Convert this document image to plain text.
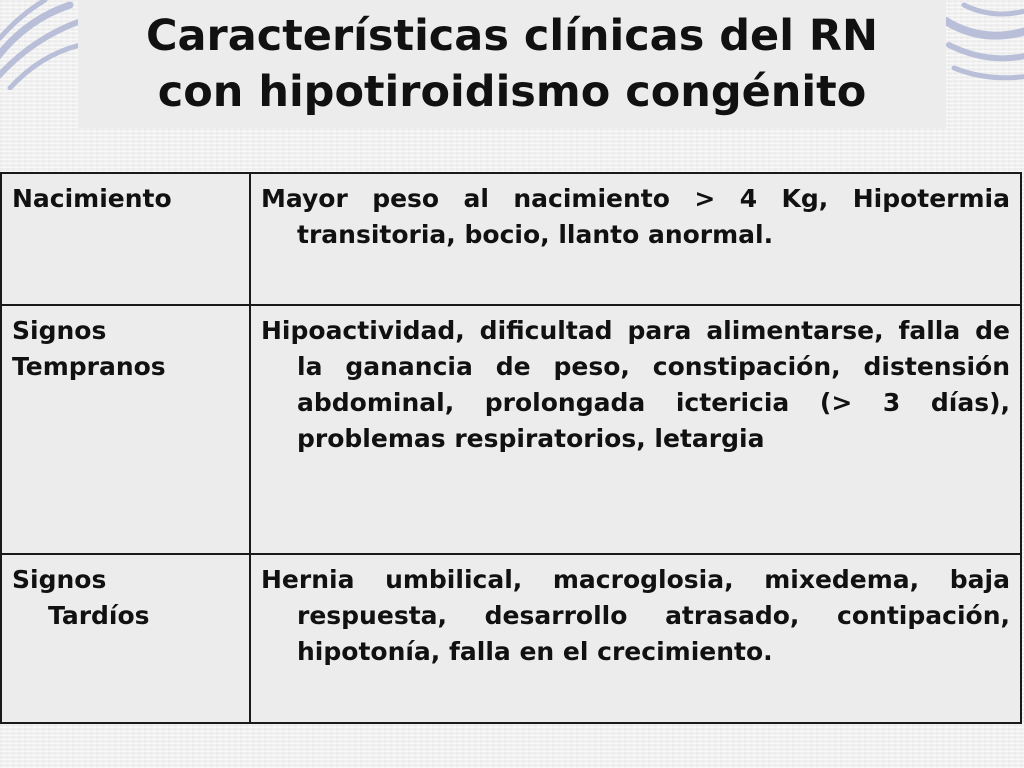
Características clínicas del RN
con hipotiroidismo congénito
Nacimiento	Mayor peso al nacimiento > 4 Kg, Hipotermia transitoria, bocio, llanto anormal.

Signos
Tempranos	Hipoactividad, dificultad para alimentarse, falla de la ganancia de peso, constipación, distensión abdominal, prolongada ictericia (> 3 días), problemas respiratorios, letargia

Signos
Tardíos	Hernia umbilical, macroglosia, mixedema, baja respuesta, desarrollo atrasado, contipación, hipotonía, falla en el crecimiento.
